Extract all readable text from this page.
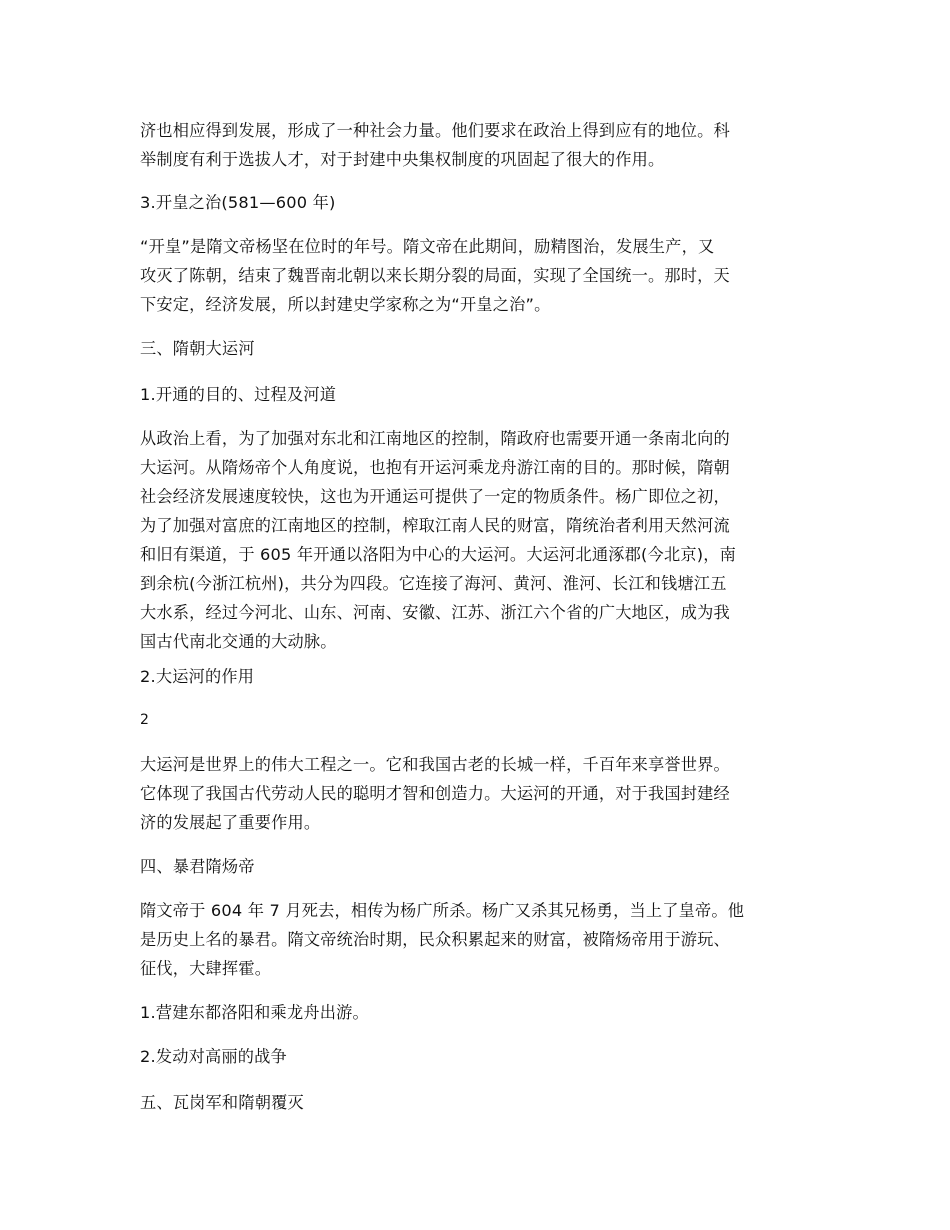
济也相应得到发展，形成了一种社会力量。他们要求在政治上得到应有的地位。科
举制度有利于选拔人才，对于封建中央集权制度的巩固起了很大的作用。

3.开皇之治(581—600 年)

“开皇”是隋文帝杨坚在位时的年号。隋文帝在此期间，励精图治，发展生产，又
攻灭了陈朝，结束了魏晋南北朝以来长期分裂的局面，实现了全国统一。那时，天
下安定，经济发展，所以封建史学家称之为“开皇之治”。

三、隋朝大运河

1.开通的目的、过程及河道

从政治上看，为了加强对东北和江南地区的控制，隋政府也需要开通一条南北向的
大运河。从隋炀帝个人角度说，也抱有开运河乘龙舟游江南的目的。那时候，隋朝
社会经济发展速度较快，这也为开通运可提供了一定的物质条件。杨广即位之初，
为了加强对富庶的江南地区的控制，榨取江南人民的财富，隋统治者利用天然河流
和旧有渠道，于 605 年开通以洛阳为中心的大运河。大运河北通涿郡(今北京)，南
到余杭(今浙江杭州)，共分为四段。它连接了海河、黄河、淮河、长江和钱塘江五
大水系，经过今河北、山东、河南、安徽、江苏、浙江六个省的广大地区，成为我
国古代南北交通的大动脉。

2.大运河的作用

2

大运河是世界上的伟大工程之一。它和我国古老的长城一样，千百年来享誉世界。
它体现了我国古代劳动人民的聪明才智和创造力。大运河的开通，对于我国封建经
济的发展起了重要作用。

四、暴君隋炀帝

隋文帝于 604 年 7 月死去，相传为杨广所杀。杨广又杀其兄杨勇，当上了皇帝。他
是历史上名的暴君。隋文帝统治时期，民众积累起来的财富，被隋炀帝用于游玩、
征伐，大肆挥霍。

1.营建东都洛阳和乘龙舟出游。

2.发动对高丽的战争

五、瓦岗军和隋朝覆灭
